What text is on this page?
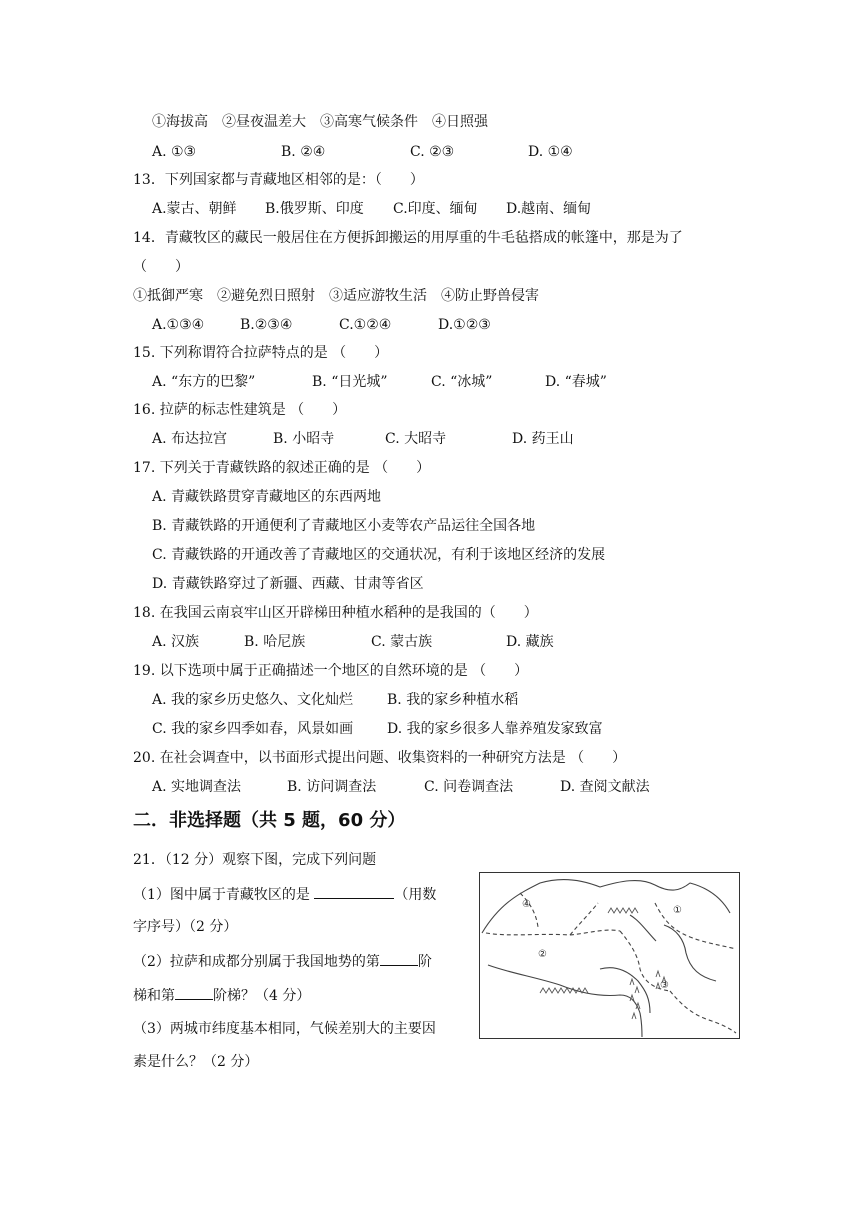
①海拔高　②昼夜温差大　③高寒气候条件　④日照强
A. ①③	B. ②④	C. ②③	D. ①④
13．下列国家都与青藏地区相邻的是：（　　）
A.蒙古、朝鲜 B.俄罗斯、印度 C.印度、缅甸 D.越南、缅甸
14．青藏牧区的藏民一般居住在方便拆卸搬运的用厚重的牛毛毡搭成的帐篷中，那是为了
（　　）
①抵御严寒　②避免烈日照射　③适应游牧生活　④防止野兽侵害
A.①③④	B.②③④	C.①②④	D.①②③
15. 下列称谓符合拉萨特点的是 （　　）
A. “东方的巴黎”	B. “日光城”	C. “冰城”	D. “春城”
16. 拉萨的标志性建筑是 （　　）
A. 布达拉宫	B. 小昭寺	C. 大昭寺	D. 药王山
17. 下列关于青藏铁路的叙述正确的是 （　　）
A. 青藏铁路贯穿青藏地区的东西两地
B. 青藏铁路的开通便利了青藏地区小麦等农产品运往全国各地
C. 青藏铁路的开通改善了青藏地区的交通状况，有利于该地区经济的发展
D. 青藏铁路穿过了新疆、西藏、甘肃等省区
18. 在我国云南哀牢山区开辟梯田种植水稻种的是我国的（　　）
A. 汉族	B. 哈尼族	C. 蒙古族	D. 藏族
19. 以下选项中属于正确描述一个地区的自然环境的是 （　　）
A. 我的家乡历史悠久、文化灿烂 B. 我的家乡种植水稻
C. 我的家乡四季如春，风景如画 D. 我的家乡很多人靠养殖发家致富
20. 在社会调查中，以书面形式提出问题、收集资料的一种研究方法是 （　　）
A. 实地调查法	B. 访问调查法	C. 问卷调查法	D. 查阅文献法
二．非选择题（共 5 题，60 分）
21．（12 分）观察下图，完成下列问题
（1）图中属于青藏牧区的是	（用数
字序号）（2 分）
（2）拉萨和成都分别属于我国地势的第	阶
梯和第	阶梯？（4 分）
（3）两城市纬度基本相同，气候差别大的主要因
素是什么？（2 分）
④
①
②
③
